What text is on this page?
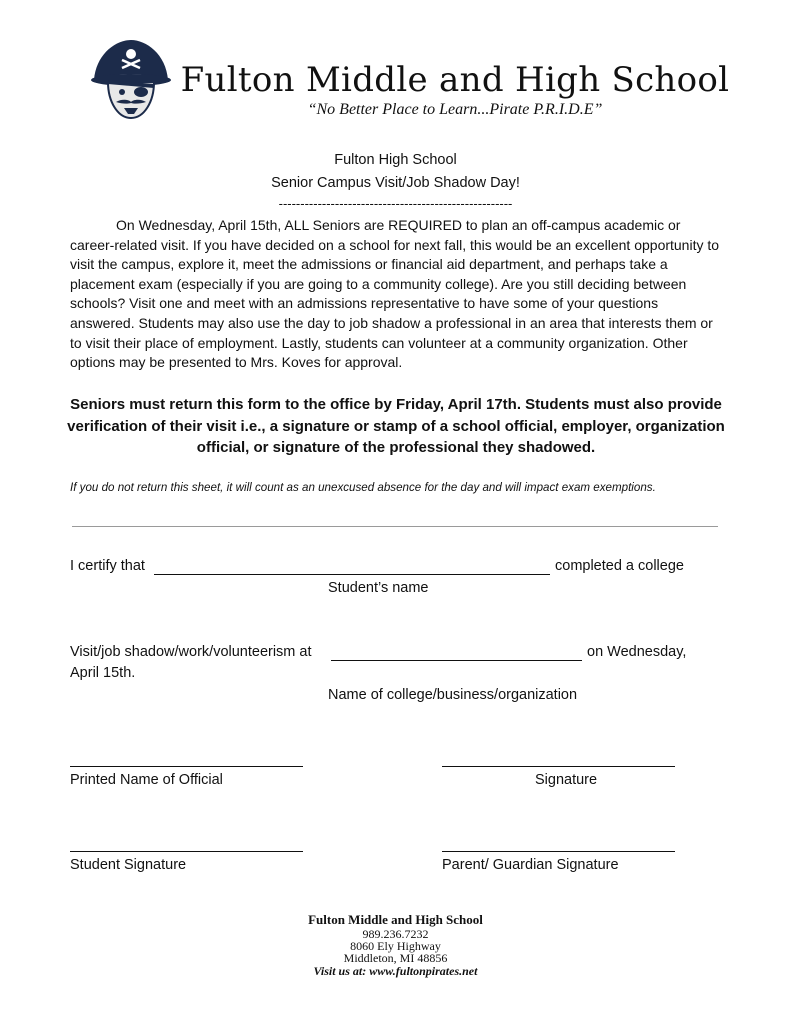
Fulton Middle and High School
“No Better Place to Learn...Pirate P.R.I.D.E”
Fulton High School
Senior Campus Visit/Job Shadow Day!
------------------------------------------------------
On Wednesday, April 15th, ALL Seniors are REQUIRED to plan an off-campus academic or career-related visit. If you have decided on a school for next fall, this would be an excellent opportunity to visit the campus, explore it, meet the admissions or financial aid department, and perhaps take a placement exam (especially if you are going to a community college). Are you still deciding between schools? Visit one and meet with an admissions representative to have some of your questions answered. Students may also use the day to job shadow a professional in an area that interests them or to visit their place of employment. Lastly, students can volunteer at a community organization. Other options may be presented to Mrs. Koves for approval.
Seniors must return this form to the office by Friday, April 17th. Students must also provide verification of their visit i.e., a signature or stamp of a school official, employer, organization official, or signature of the professional they shadowed.
If you do not return this sheet, it will count as an unexcused absence for the day and will impact exam exemptions.
I certify that	completed a college
Student’s name
Visit/job shadow/work/volunteerism at	on Wednesday,
April 15th.
Name of college/business/organization
Printed Name of Official	Signature
Student Signature	Parent/ Guardian Signature
Fulton Middle and High School
989.236.7232
8060 Ely Highway
Middleton, MI 48856
Visit us at: www.fultonpirates.net
